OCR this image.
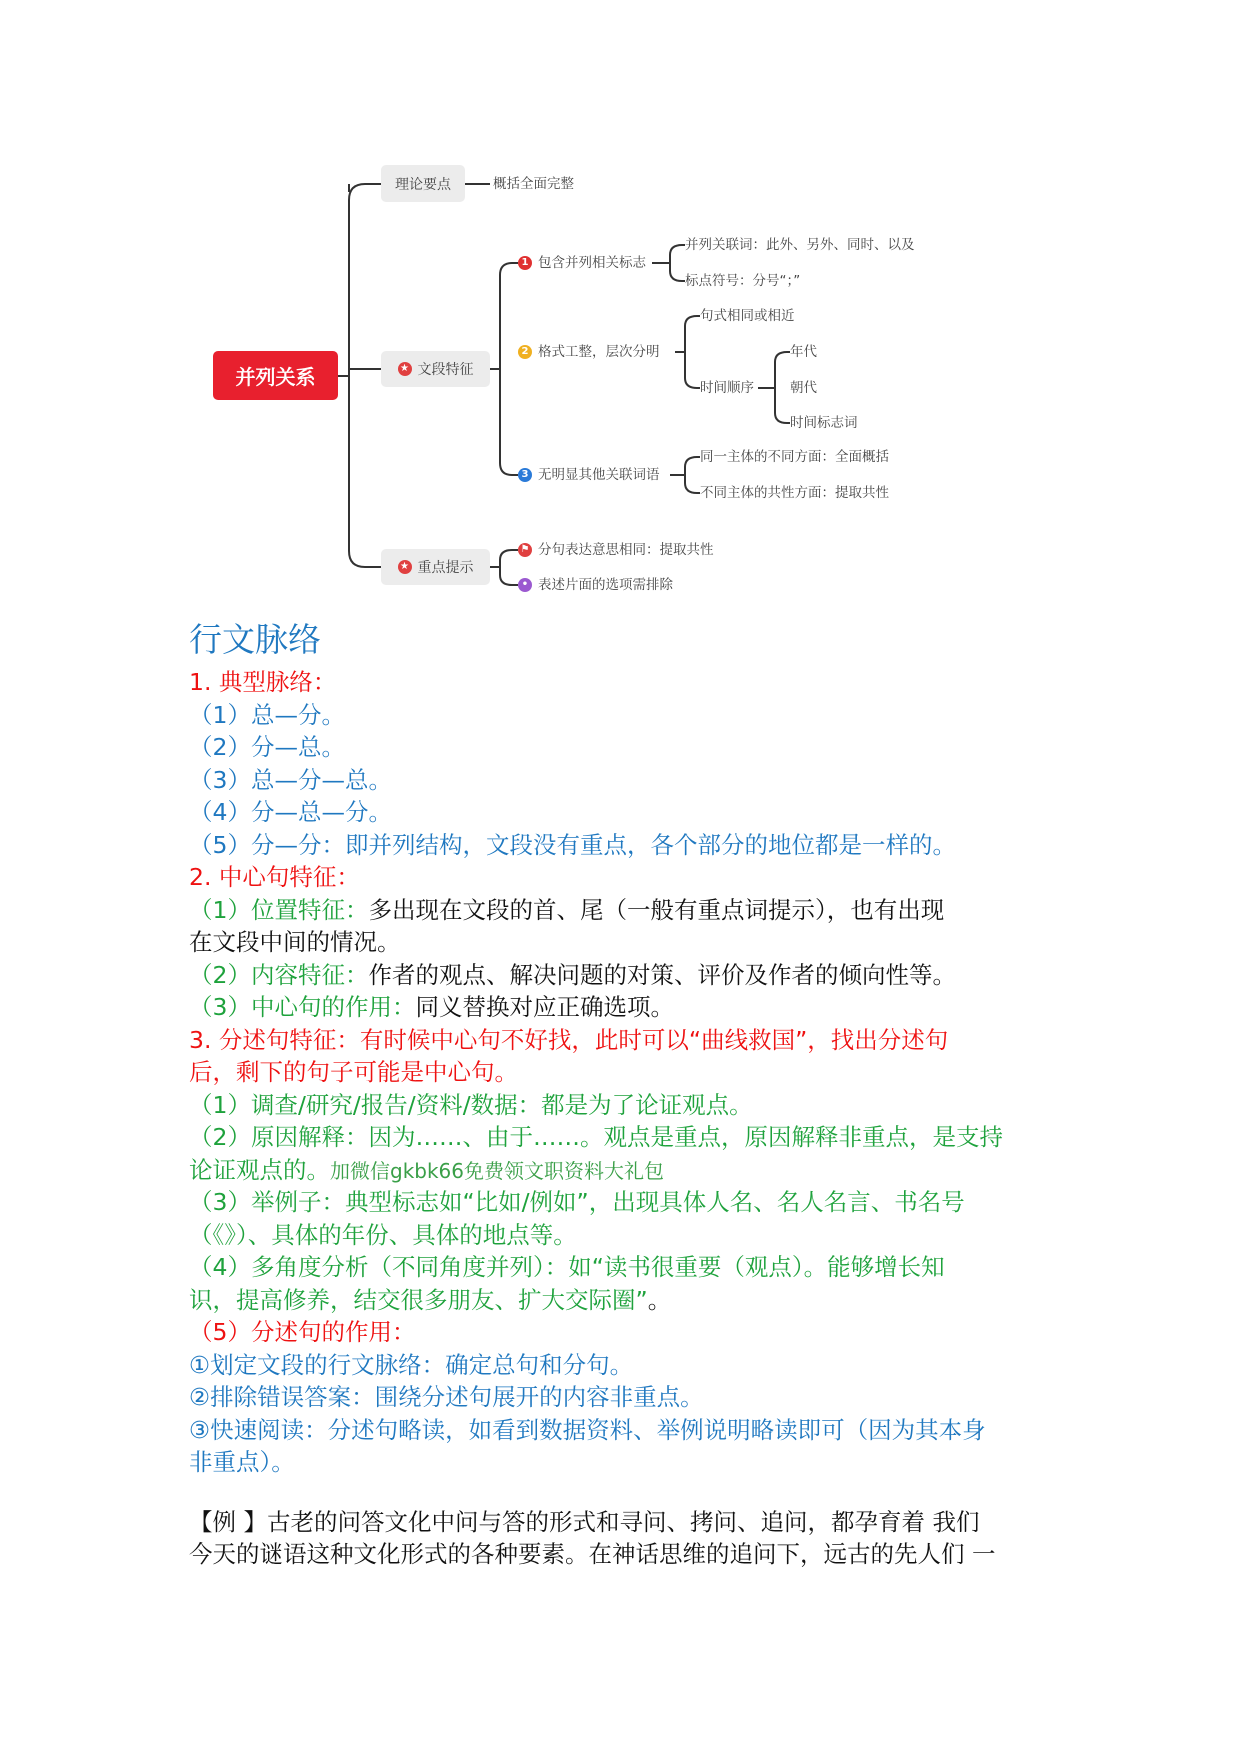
并列关系
理论要点	概括全面完整
★ 文段特征
1 包含并列相关标志
并列关联词：此外、另外、同时、以及
标点符号：分号“；”
2 格式工整，层次分明
句式相同或相近
时间顺序
年代
朝代
时间标志词
3 无明显其他关联词语
同一主体的不同方面：全面概括
不同主体的共性方面：提取共性
★ 重点提示
⚑ 分句表达意思相同：提取共性
• 表述片面的选项需排除
行文脉络
1. 典型脉络：
（1）总—分。
（2）分—总。
（3）总—分—总。
（4）分—总—分。
（5）分—分：即并列结构，文段没有重点，各个部分的地位都是一样的。
2. 中心句特征：
（1）位置特征：多出现在文段的首、尾（一般有重点词提示），也有出现
在文段中间的情况。
（2）内容特征：作者的观点、解决问题的对策、评价及作者的倾向性等。
（3）中心句的作用：同义替换对应正确选项。
3. 分述句特征：有时候中心句不好找，此时可以“曲线救国”，找出分述句
后，剩下的句子可能是中心句。
（1）调查/研究/报告/资料/数据：都是为了论证观点。
（2）原因解释：因为……、由于……。观点是重点，原因解释非重点，是支持
论证观点的。加微信gkbk66免费领文职资料大礼包
（3）举例子：典型标志如“比如/例如”，出现具体人名、名人名言、书名号
（《》）、具体的年份、具体的地点等。
（4）多角度分析（不同角度并列）：如“读书很重要（观点）。能够增长知
识，提高修养，结交很多朋友、扩大交际圈”。
（5）分述句的作用：
①划定文段的行文脉络：确定总句和分句。
②排除错误答案：围绕分述句展开的内容非重点。
③快速阅读：分述句略读，如看到数据资料、举例说明略读即可（因为其本身
非重点）。
【例 】古老的问答文化中问与答的形式和寻问、拷问、追问，都孕育着 我们
今天的谜语这种文化形式的各种要素。在神话思维的追问下，远古的先人们 一
